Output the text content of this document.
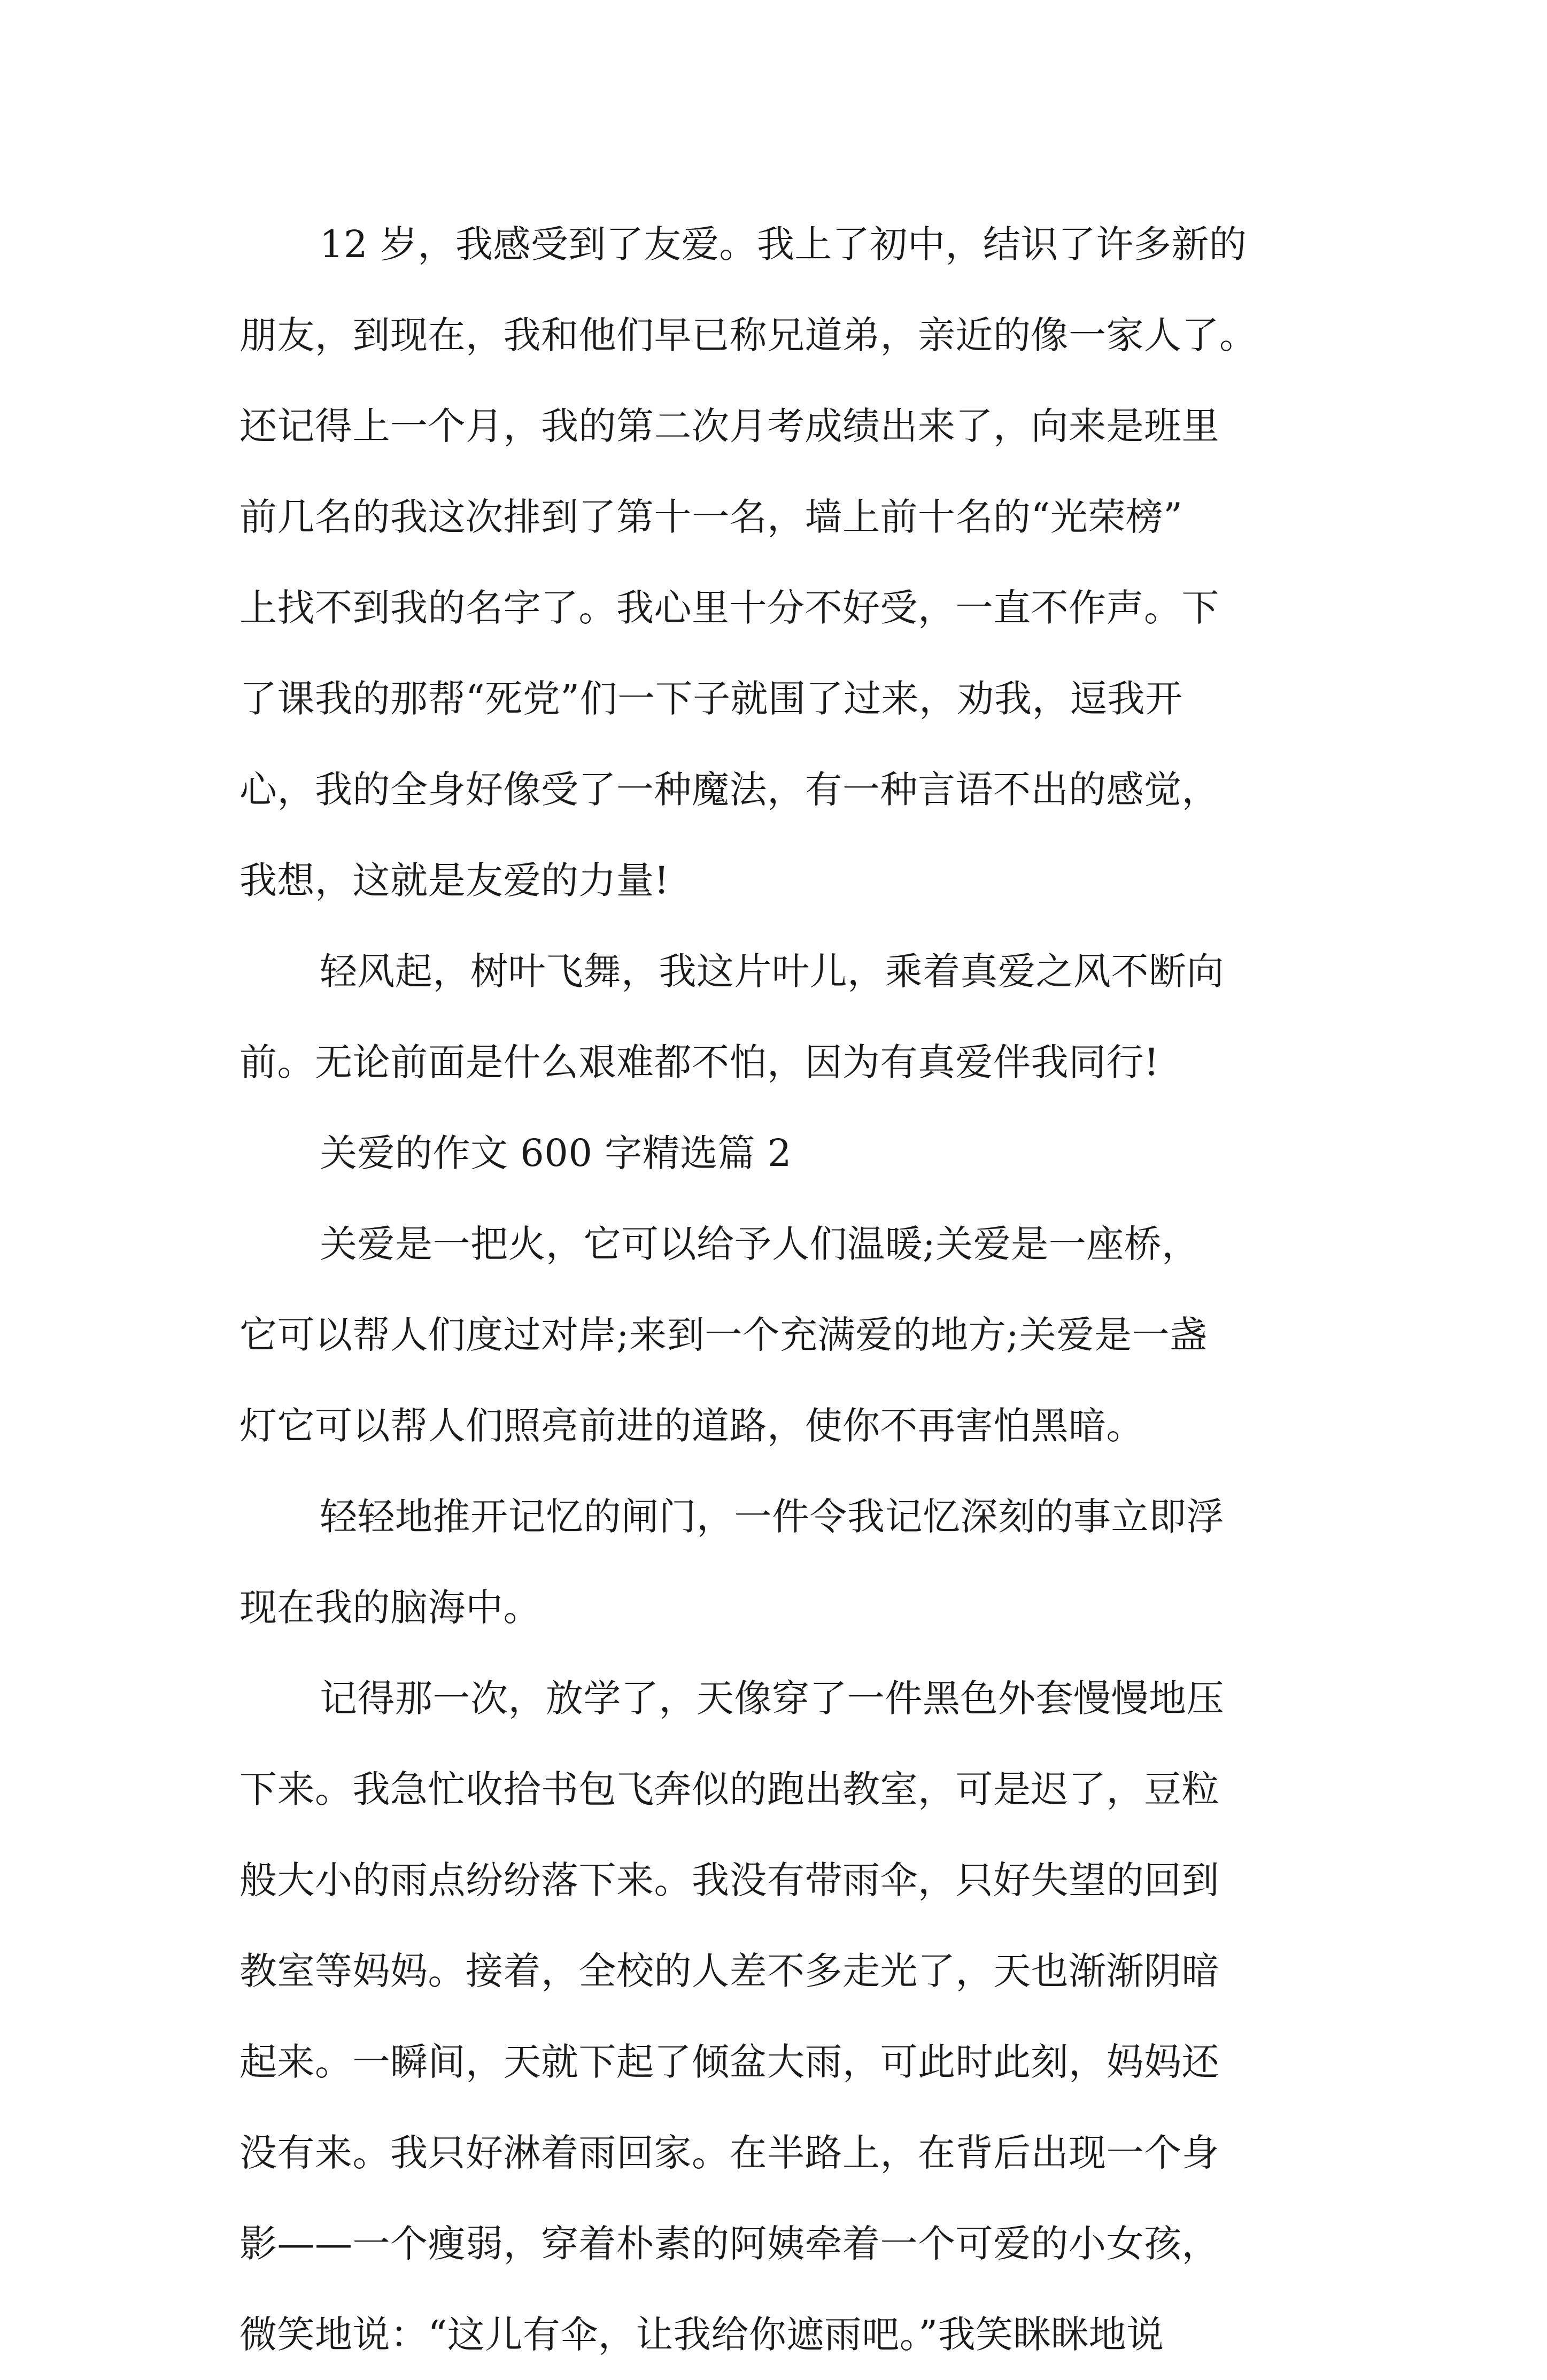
12 岁，我感受到了友爱。我上了初中，结识了许多新的
朋友，到现在，我和他们早已称兄道弟，亲近的像一家人了。
还记得上一个月，我的第二次月考成绩出来了，向来是班里
前几名的我这次排到了第十一名，墙上前十名的“光荣榜”
上找不到我的名字了。我心里十分不好受，一直不作声。下
了课我的那帮“死党”们一下子就围了过来，劝我，逗我开
心，我的全身好像受了一种魔法，有一种言语不出的感觉，
我想，这就是友爱的力量!
轻风起，树叶飞舞，我这片叶儿，乘着真爱之风不断向
前。无论前面是什么艰难都不怕，因为有真爱伴我同行!
关爱的作文 600 字精选篇 2
关爱是一把火，它可以给予人们温暖;关爱是一座桥，
它可以帮人们度过对岸;来到一个充满爱的地方;关爱是一盏
灯它可以帮人们照亮前进的道路，使你不再害怕黑暗。
轻轻地推开记忆的闸门，一件令我记忆深刻的事立即浮
现在我的脑海中。
记得那一次，放学了，天像穿了一件黑色外套慢慢地压
下来。我急忙收拾书包飞奔似的跑出教室，可是迟了，豆粒
般大小的雨点纷纷落下来。我没有带雨伞，只好失望的回到
教室等妈妈。接着，全校的人差不多走光了，天也渐渐阴暗
起来。一瞬间，天就下起了倾盆大雨，可此时此刻，妈妈还
没有来。我只好淋着雨回家。在半路上，在背后出现一个身
影——一个瘦弱，穿着朴素的阿姨牵着一个可爱的小女孩，
微笑地说：“这儿有伞，让我给你遮雨吧。”我笑眯眯地说
